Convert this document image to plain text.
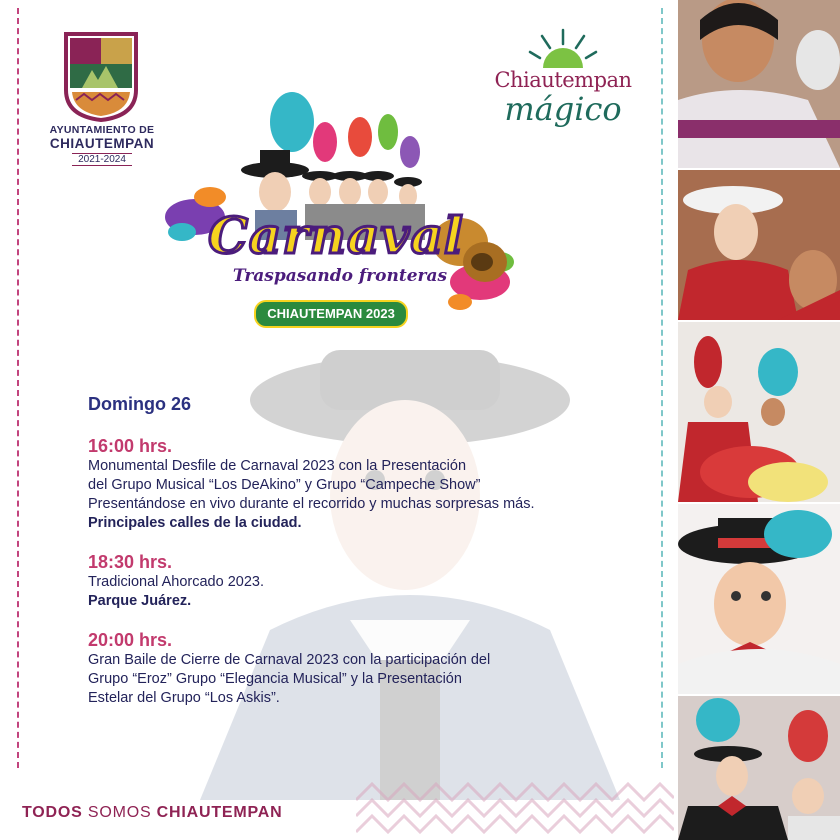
AYUNTAMIENTO DE
CHIAUTEMPAN
2021-2024
Chiautempan
mágico
Carnaval
Traspasando fronteras
CHIAUTEMPAN 2023
Domingo 26
16:00 hrs.
Monumental Desfile de Carnaval 2023 con la Presentación
del Grupo Musical “Los DeAkino” y Grupo “Campeche Show”
Presentándose en vivo durante el recorrido y muchas sorpresas más.
Principales calles de la ciudad.
18:30 hrs.
Tradicional Ahorcado 2023.
Parque Juárez.
20:00 hrs.
Gran Baile de Cierre de Carnaval 2023 con la participación del
Grupo “Eroz” Grupo “Elegancia Musical” y la Presentación
Estelar del Grupo “Los Askis”.
TODOS SOMOS CHIAUTEMPAN
